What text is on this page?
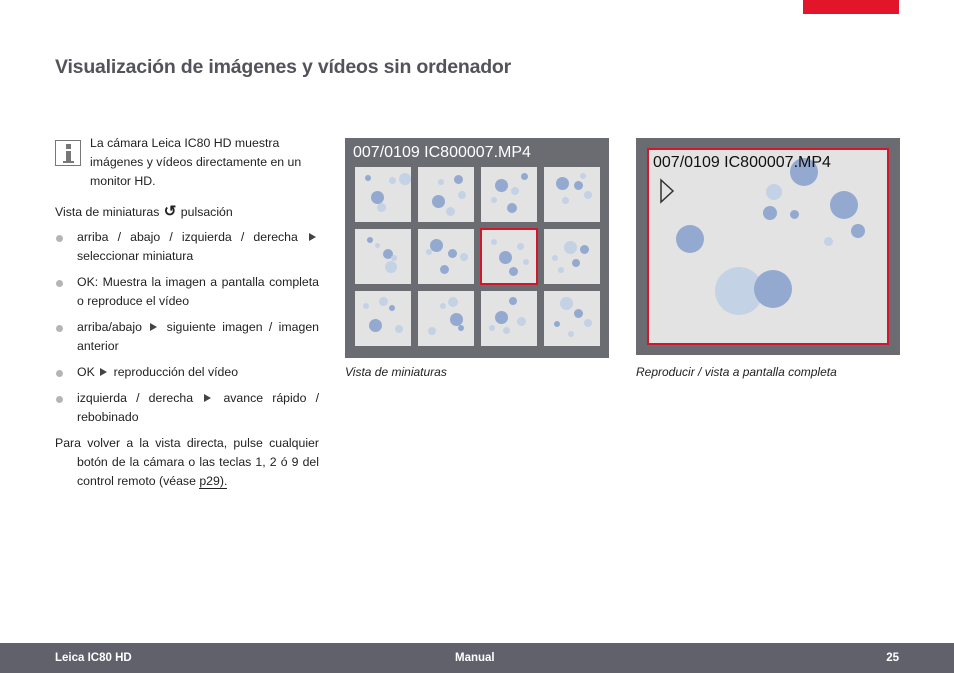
Visualización de imágenes y vídeos sin ordenador

La cámara Leica IC80 HD muestra imágenes y vídeos directamente en un monitor HD.

Vista de miniaturas ↺ pulsación

arriba / abajo / izquierda / derecha  seleccionar miniatura
OK: Muestra la imagen a pantalla completa o reproduce el vídeo
arriba/abajo siguiente imagen / imagen anterior
OK reproducción del vídeo
izquierda / derecha avance rápido / rebobinado

Para volver a la vista directa, pulse cualquier botón de la cámara o las teclas 1, 2 ó 9 del control remoto (véase p29).

007/0109 IC800007.MP4
Vista de miniaturas
007/0109 IC800007.MP4
Reproducir / vista a pantalla completa
Leica IC80 HD	Manual	25
